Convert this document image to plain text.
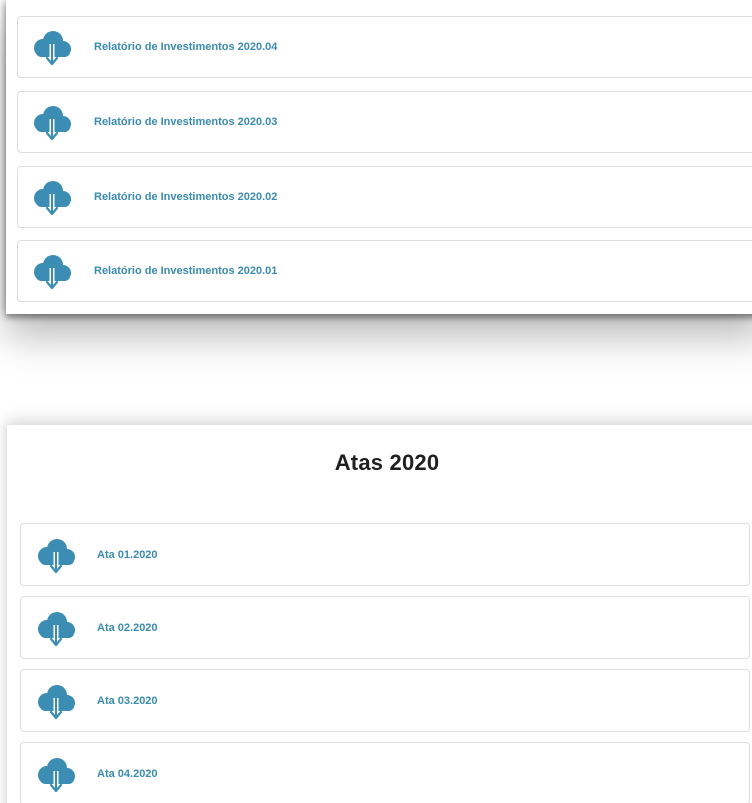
Relatório de Investimentos 2020.04
Relatório de Investimentos 2020.03
Relatório de Investimentos 2020.02
Relatório de Investimentos 2020.01
Atas 2020
Ata 01.2020
Ata 02.2020
Ata 03.2020
Ata 04.2020
